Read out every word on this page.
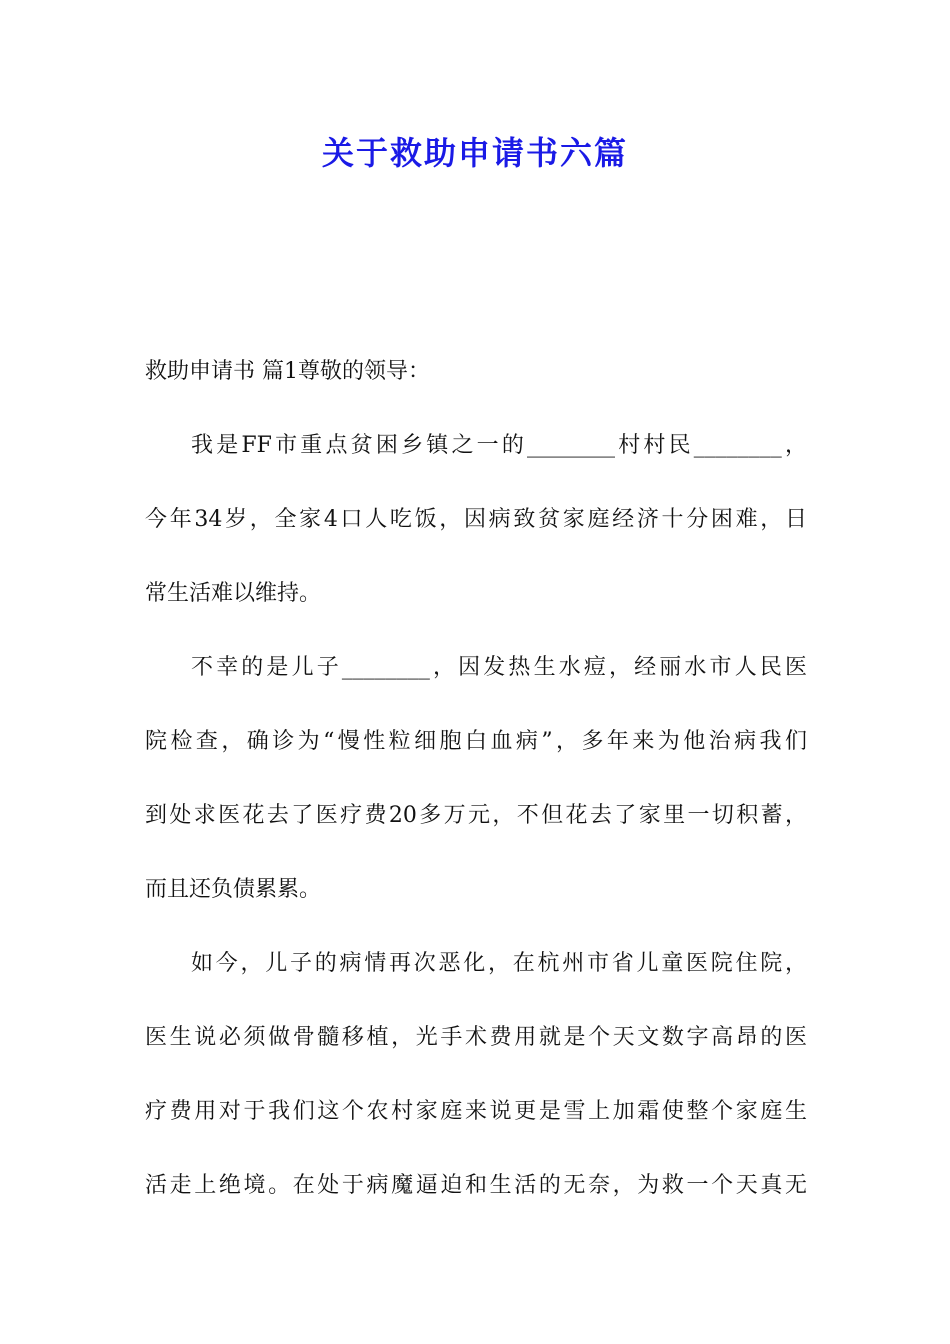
关于救助申请书六篇
救助申请书 篇1尊敬的领导：
我是FF市重点贫困乡镇之一的________村村民________，
今年34岁，全家4口人吃饭，因病致贫家庭经济十分困难，日
常生活难以维持。
不幸的是儿子________，因发热生水痘，经丽水市人民医
院检查，确诊为“慢性粒细胞白血病”，多年来为他治病我们
到处求医花去了医疗费20多万元，不但花去了家里一切积蓄，
而且还负债累累。
如今，儿子的病情再次恶化，在杭州市省儿童医院住院，
医生说必须做骨髓移植，光手术费用就是个天文数字高昂的医
疗费用对于我们这个农村家庭来说更是雪上加霜使整个家庭生
活走上绝境。在处于病魔逼迫和生活的无奈，为救一个天真无
